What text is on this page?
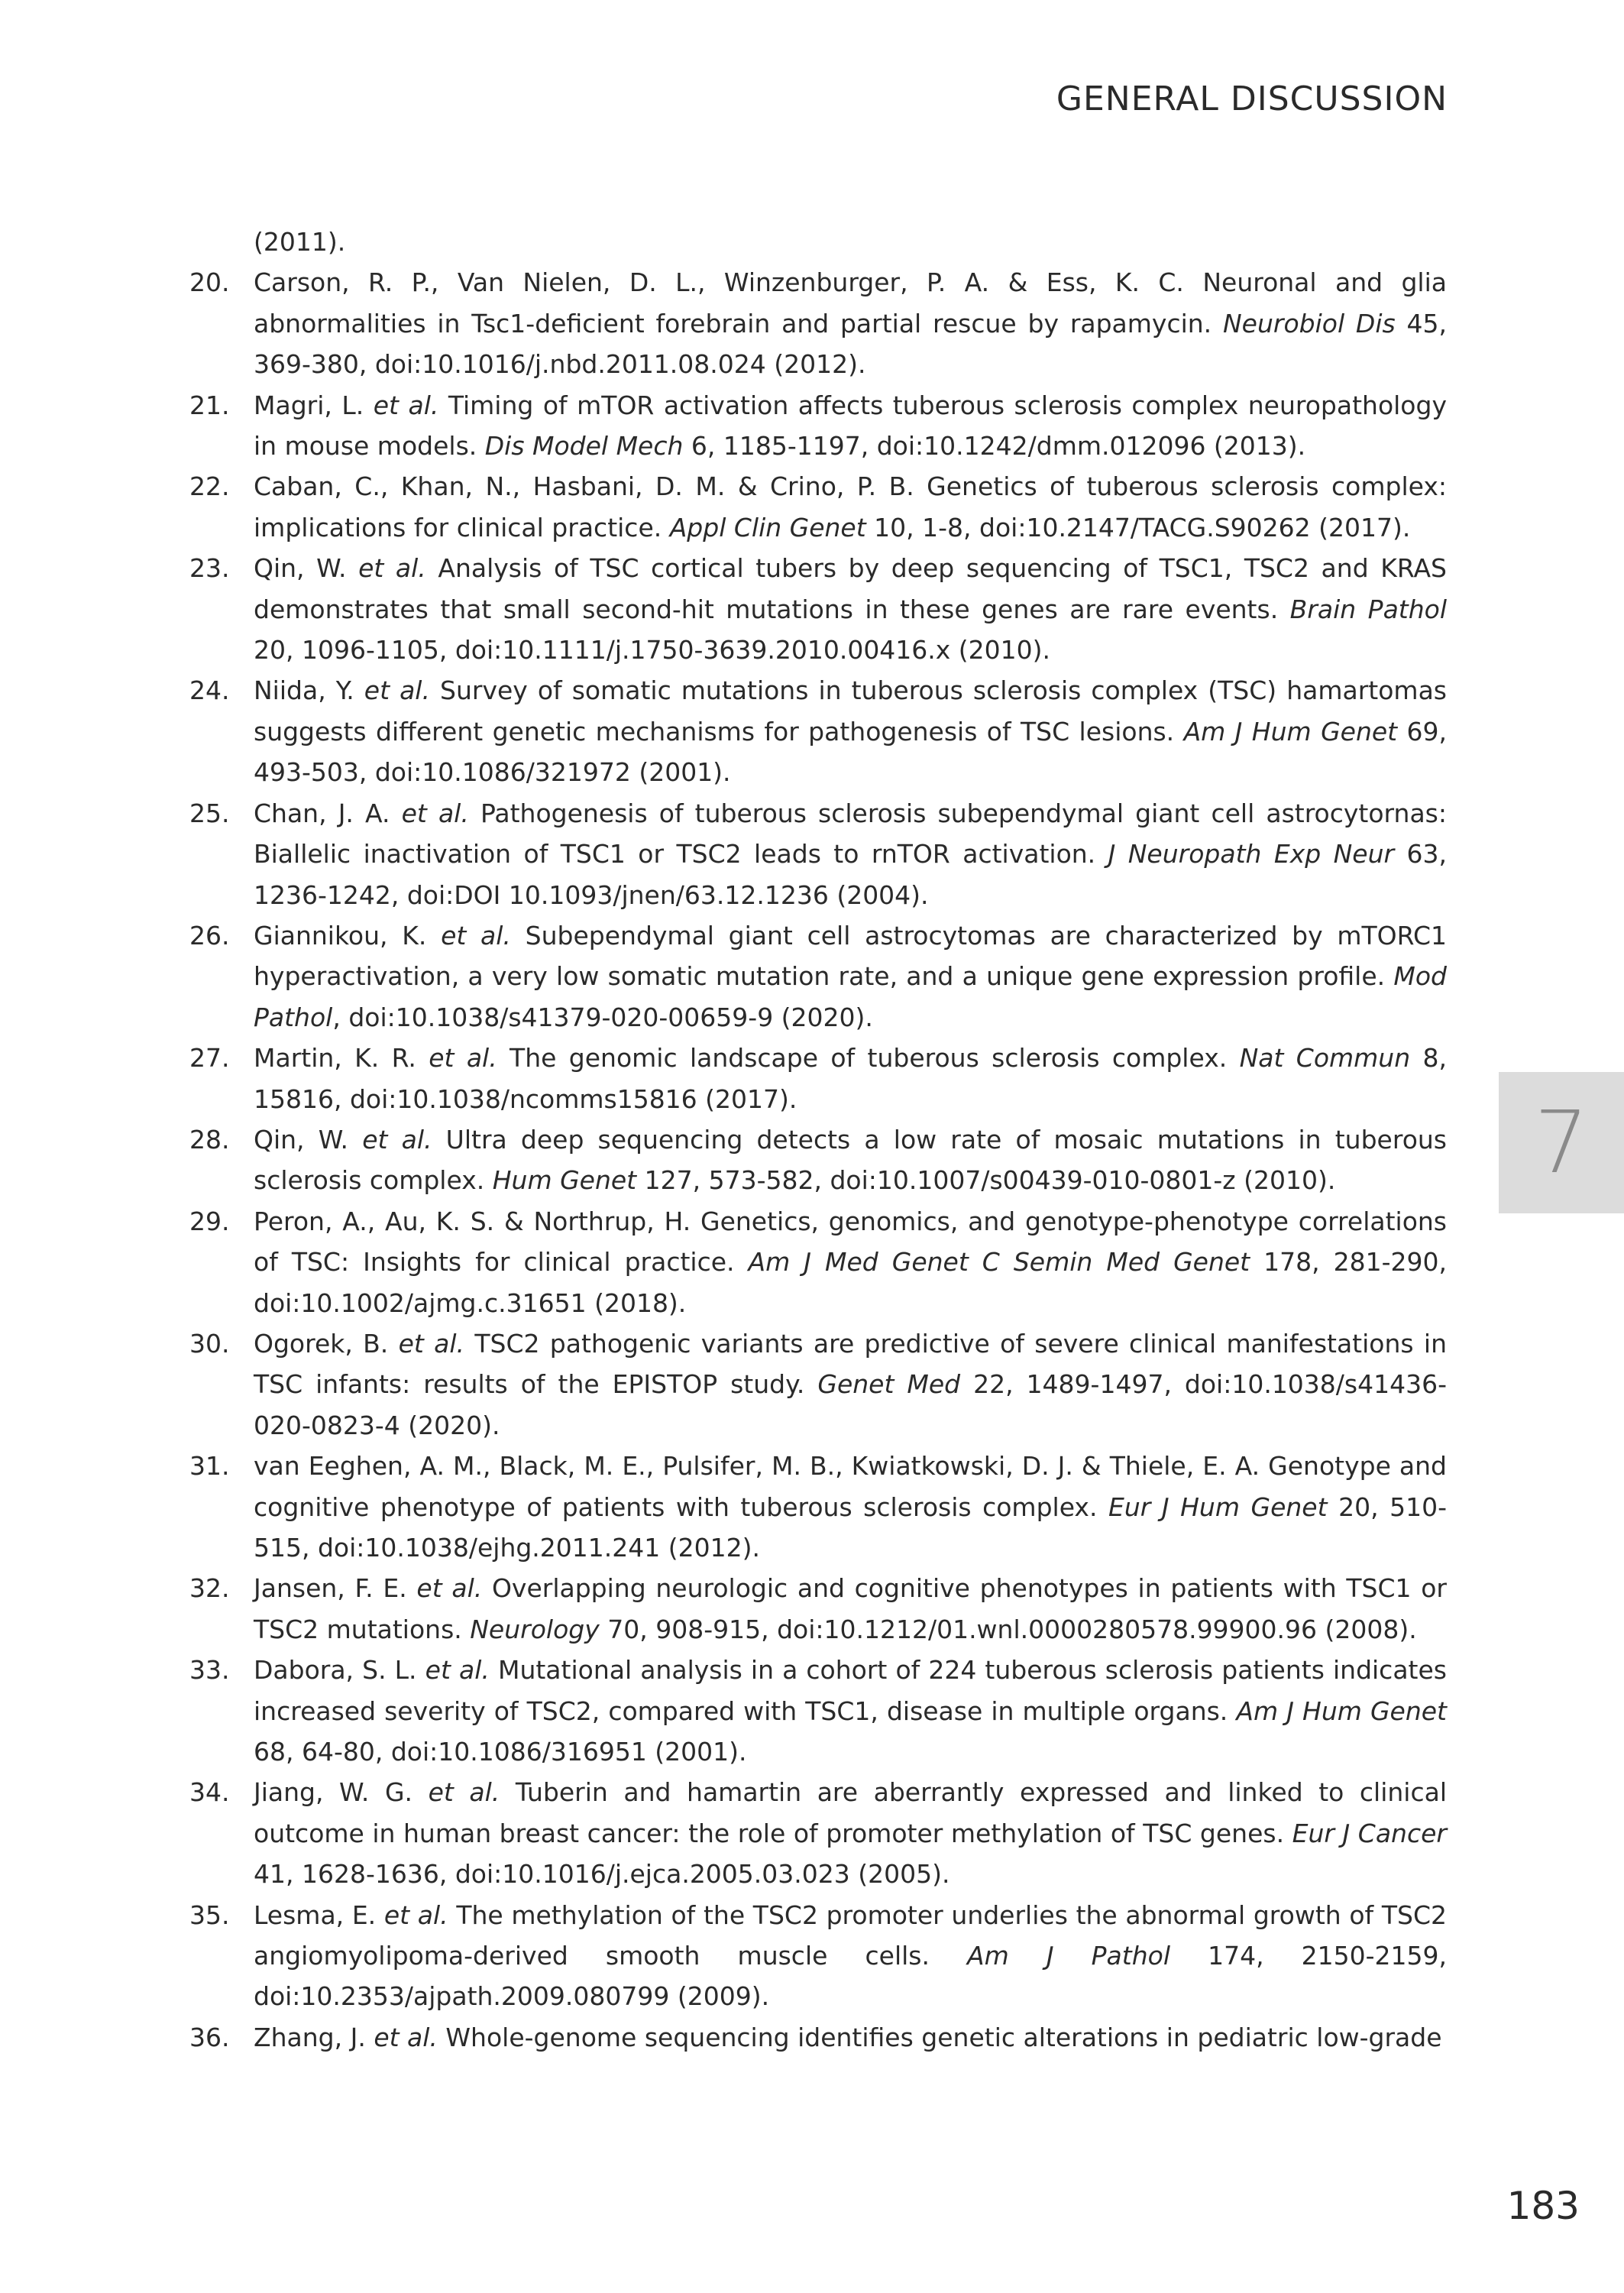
GENERAL DISCUSSION
(2011).
20. Carson, R. P., Van Nielen, D. L., Winzenburger, P. A. & Ess, K. C. Neuronal and glia abnormalities in Tsc1-deficient forebrain and partial rescue by rapamycin. Neurobiol Dis 45, 369-380, doi:10.1016/j.nbd.2011.08.024 (2012).
21. Magri, L. et al. Timing of mTOR activation affects tuberous sclerosis complex neuropathology in mouse models. Dis Model Mech 6, 1185-1197, doi:10.1242/dmm.012096 (2013).
22. Caban, C., Khan, N., Hasbani, D. M. & Crino, P. B. Genetics of tuberous sclerosis complex: implications for clinical practice. Appl Clin Genet 10, 1-8, doi:10.2147/TACG.S90262 (2017).
23. Qin, W. et al. Analysis of TSC cortical tubers by deep sequencing of TSC1, TSC2 and KRAS demonstrates that small second-hit mutations in these genes are rare events. Brain Pathol 20, 1096-1105, doi:10.1111/j.1750-3639.2010.00416.x (2010).
24. Niida, Y. et al. Survey of somatic mutations in tuberous sclerosis complex (TSC) hamartomas suggests different genetic mechanisms for pathogenesis of TSC lesions. Am J Hum Genet 69, 493-503, doi:10.1086/321972 (2001).
25. Chan, J. A. et al. Pathogenesis of tuberous sclerosis subependymal giant cell astrocytornas: Biallelic inactivation of TSC1 or TSC2 leads to rnTOR activation. J Neuropath Exp Neur 63, 1236-1242, doi:DOI 10.1093/jnen/63.12.1236 (2004).
26. Giannikou, K. et al. Subependymal giant cell astrocytomas are characterized by mTORC1 hyperactivation, a very low somatic mutation rate, and a unique gene expression profile. Mod Pathol, doi:10.1038/s41379-020-00659-9 (2020).
27. Martin, K. R. et al. The genomic landscape of tuberous sclerosis complex. Nat Commun 8, 15816, doi:10.1038/ncomms15816 (2017).
28. Qin, W. et al. Ultra deep sequencing detects a low rate of mosaic mutations in tuberous sclerosis complex. Hum Genet 127, 573-582, doi:10.1007/s00439-010-0801-z (2010).
29. Peron, A., Au, K. S. & Northrup, H. Genetics, genomics, and genotype-phenotype correlations of TSC: Insights for clinical practice. Am J Med Genet C Semin Med Genet 178, 281-290, doi:10.1002/ajmg.c.31651 (2018).
30. Ogorek, B. et al. TSC2 pathogenic variants are predictive of severe clinical manifestations in TSC infants: results of the EPISTOP study. Genet Med 22, 1489-1497, doi:10.1038/s41436-020-0823-4 (2020).
31. van Eeghen, A. M., Black, M. E., Pulsifer, M. B., Kwiatkowski, D. J. & Thiele, E. A. Genotype and cognitive phenotype of patients with tuberous sclerosis complex. Eur J Hum Genet 20, 510-515, doi:10.1038/ejhg.2011.241 (2012).
32. Jansen, F. E. et al. Overlapping neurologic and cognitive phenotypes in patients with TSC1 or TSC2 mutations. Neurology 70, 908-915, doi:10.1212/01.wnl.0000280578.99900.96 (2008).
33. Dabora, S. L. et al. Mutational analysis in a cohort of 224 tuberous sclerosis patients indicates increased severity of TSC2, compared with TSC1, disease in multiple organs. Am J Hum Genet 68, 64-80, doi:10.1086/316951 (2001).
34. Jiang, W. G. et al. Tuberin and hamartin are aberrantly expressed and linked to clinical outcome in human breast cancer: the role of promoter methylation of TSC genes. Eur J Cancer 41, 1628-1636, doi:10.1016/j.ejca.2005.03.023 (2005).
35. Lesma, E. et al. The methylation of the TSC2 promoter underlies the abnormal growth of TSC2 angiomyolipoma-derived smooth muscle cells. Am J Pathol 174, 2150-2159, doi:10.2353/ajpath.2009.080799 (2009).
36. Zhang, J. et al. Whole-genome sequencing identifies genetic alterations in pediatric low-grade
7
183
